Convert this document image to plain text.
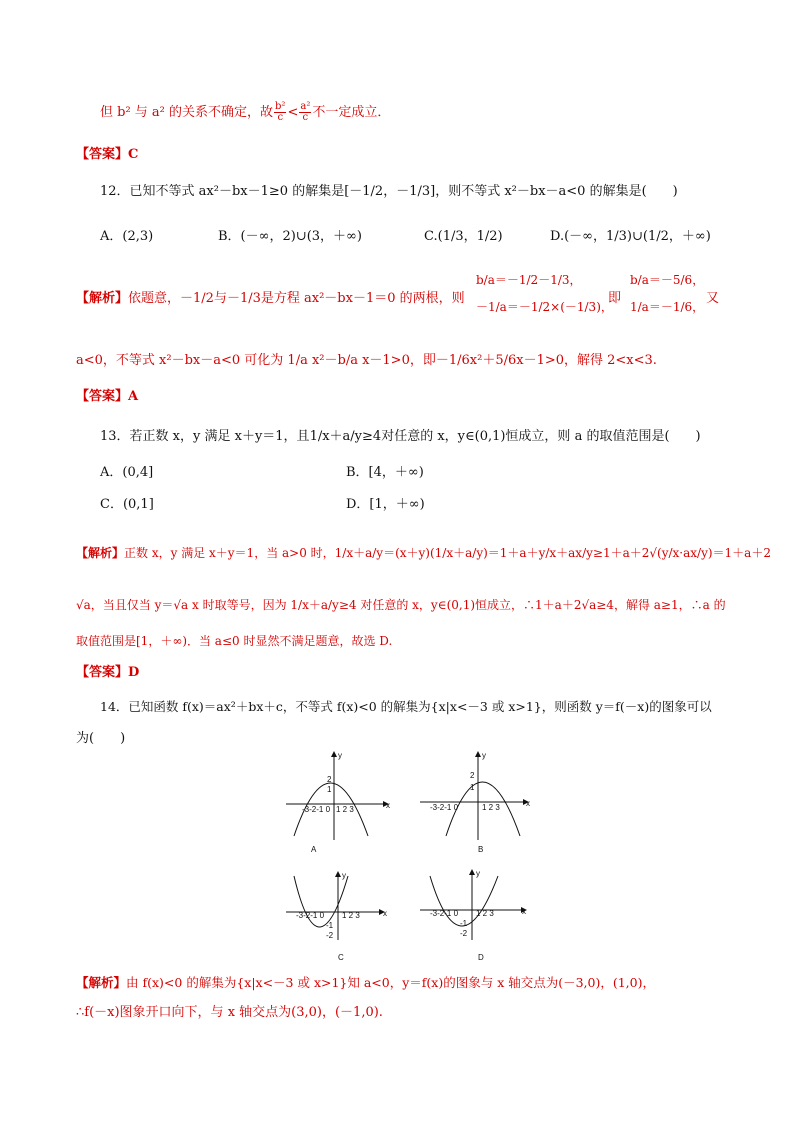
但 b² 与 a² 的关系不确定，故 $\frac{\text{b²}}{c} < \frac{\text{a²}}{c}$ 不一定成立．
【答案】C
12．已知不等式 ax²－bx－1≥0 的解集是[－1/2，－1/3]，则不等式 x²－bx－a<0 的解集是(　　)
A．(2,3)	B．(－∞，2)∪(3，＋∞)	C.(1/3，1/2)	D.(－∞，1/3)∪(1/2，＋∞)
【解析】依题意，－1/2与－1/3是方程 ax²－bx－1＝0 的两根，则
b/a＝－1/2－1/3，
－1/a＝－1/2×(－1/3)，
即
b/a＝－5/6，
1/a＝－1/6，
又
a<0，不等式 x²－bx－a<0 可化为 1/a x²－b/a x－1>0，即－1/6x²＋5/6x－1>0，解得 2<x<3.
【答案】A
13．若正数 x，y 满足 x＋y＝1，且1/x＋a/y≥4对任意的 x，y∈(0,1)恒成立，则 a 的取值范围是(　　)
A．(0,4]	B．[4，＋∞)
C．(0,1]	D．[1，＋∞)
【解析】正数 x，y 满足 x＋y＝1，当 a>0 时，1/x＋a/y＝(x＋y)(1/x＋a/y)＝1＋a＋y/x＋ax/y≥1＋a＋2√(y/x·ax/y)＝1＋a＋2
√a，当且仅当 y＝√a x 时取等号，因为 1/x＋a/y≥4 对任意的 x，y∈(0,1)恒成立，∴1＋a＋2√a≥4，解得 a≥1，∴a 的
取值范围是[1，＋∞)．当 a≤0 时显然不满足题意，故选 D.
【答案】D
14．已知函数 f(x)＝ax²＋bx＋c，不等式 f(x)<0 的解集为{x|x<－3 或 x>1}，则函数 y＝f(－x)的图象可以
为(　　)
-3-2-1 0 1 2 3
2
1
x
y
A
-3-2-1 0	1 2 3
2
1
x
y
B
-3-2-1 0 1 2 3
-1
-2
x
y
C
-3-2-1 0 1 2 3
-1
-2
x
y
D
【解析】由 f(x)<0 的解集为{x|x<－3 或 x>1}知 a<0，y＝f(x)的图象与 x 轴交点为(－3,0)，(1,0)，
∴f(－x)图象开口向下，与 x 轴交点为(3,0)，(－1,0).
